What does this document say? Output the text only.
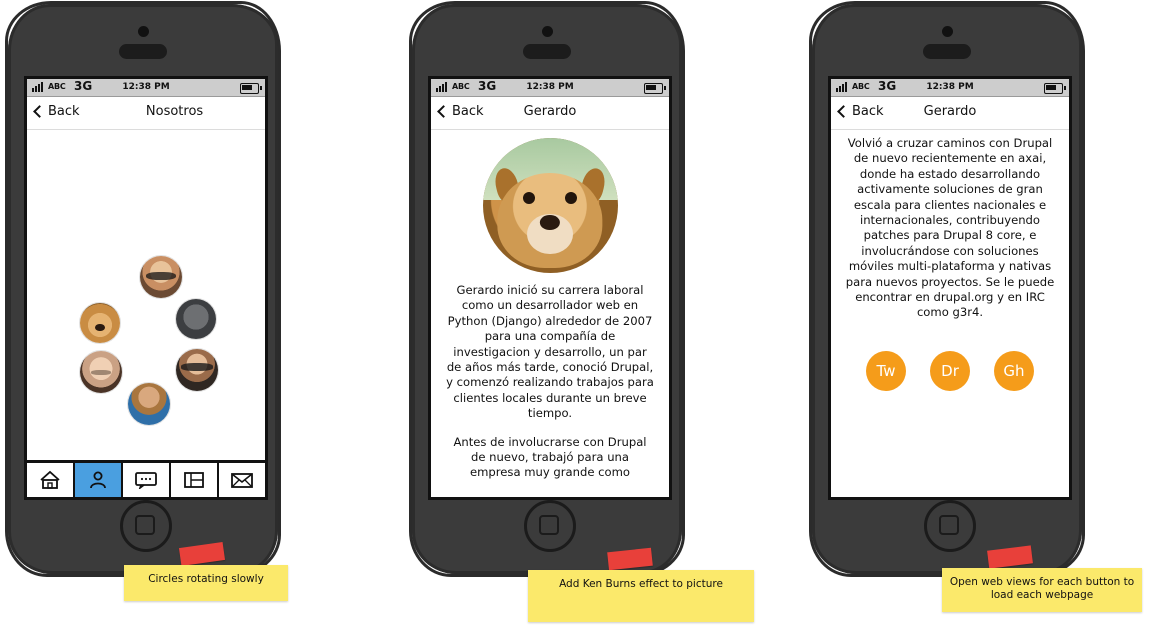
ABC 3G	12:38 PM
Back	Nosotros
Circles rotating slowly
ABC 3G	12:38 PM
Back	Gerardo

Gerardo inició su carrera laboral como un desarrollador web en Python (Django) alrededor de 2007 para una compañía de investigacion y desarrollo, un par de años más tarde, conoció Drupal, y comenzó realizando trabajos para clientes locales durante un breve tiempo.

Antes de involucrarse con Drupal de nuevo, trabajó para una empresa muy grande como

Add Ken Burns effect to picture
ABC 3G	12:38 PM
Back	Gerardo

Volvió a cruzar caminos con Drupal de nuevo recientemente en axai, donde ha estado desarrollando activamente soluciones de gran escala para clientes nacionales e internacionales, contribuyendo patches para Drupal 8 core, e involucrándose con soluciones móviles multi-plataforma y nativas para nuevos proyectos. Se le puede encontrar en drupal.org y en IRC como g3r4.

Tw	Dr	Gh
Open web views for each button to load each webpage
